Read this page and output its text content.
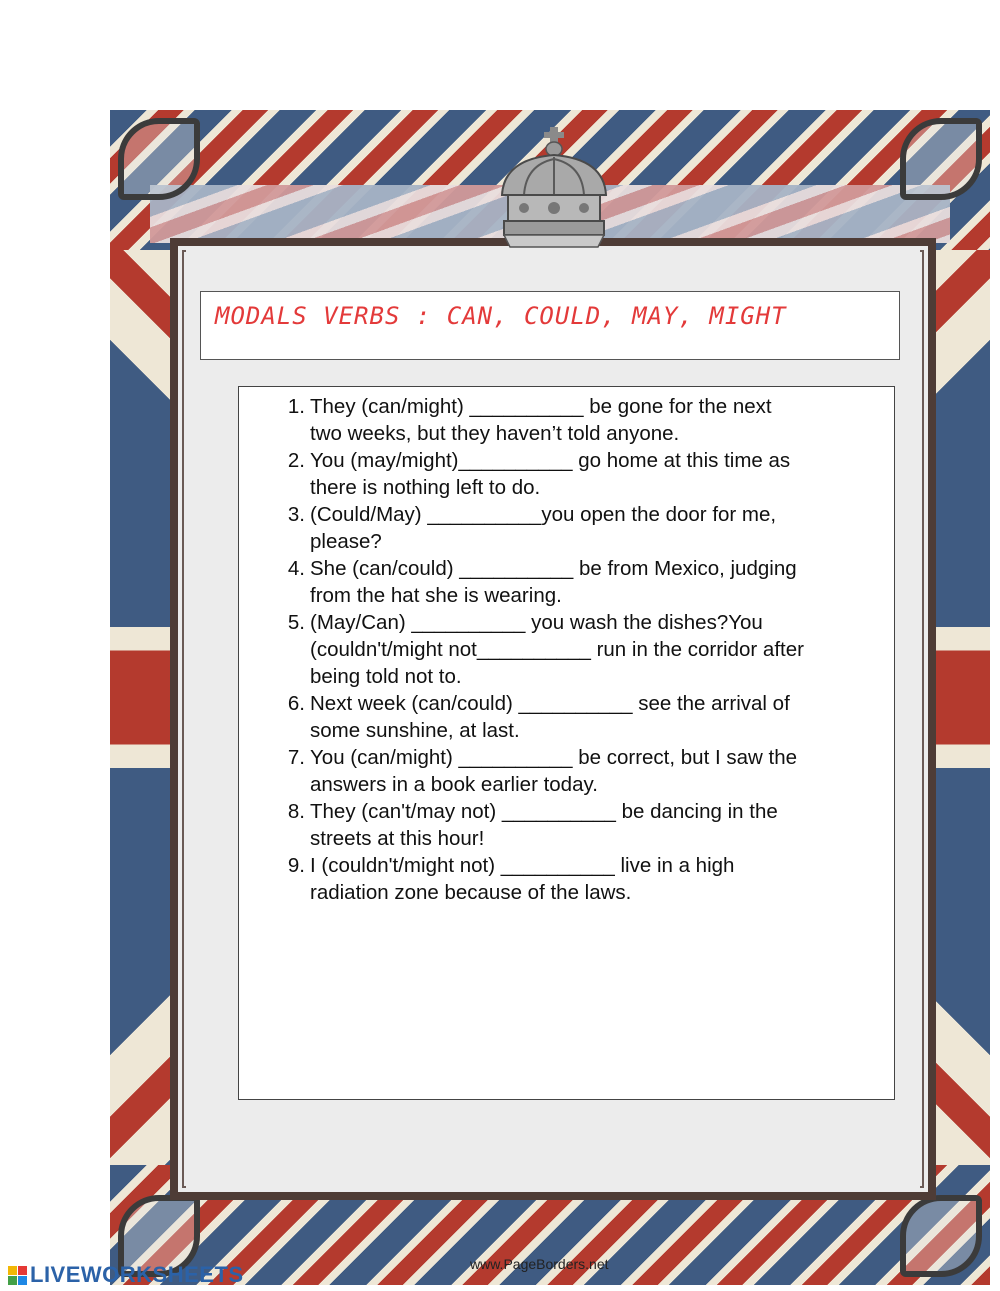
MODALS VERBS : CAN, COULD, MAY, MIGHT
1. They (can/might) __________ be gone for the next
two weeks, but they haven’t told anyone.
2. You (may/might)__________ go home at this time as
there is nothing left to do.
3. (Could/May) __________you open the door for me,
please?
4. She (can/could) __________ be from Mexico, judging
from the hat she is wearing.
5. (May/Can) __________ you wash the dishes?You
(couldn't/might not__________ run in the corridor after
being told not to.
6. Next week (can/could) __________ see the arrival of
some sunshine, at last.
7. You (can/might) __________ be correct, but I saw the
answers in a book earlier today.
8. They (can't/may not) __________ be dancing in the
streets at this hour!
9. I (couldn't/might not) __________ live in a high
radiation zone because of the laws.
www.PageBorders.net
LIVEWORKSHEETS
